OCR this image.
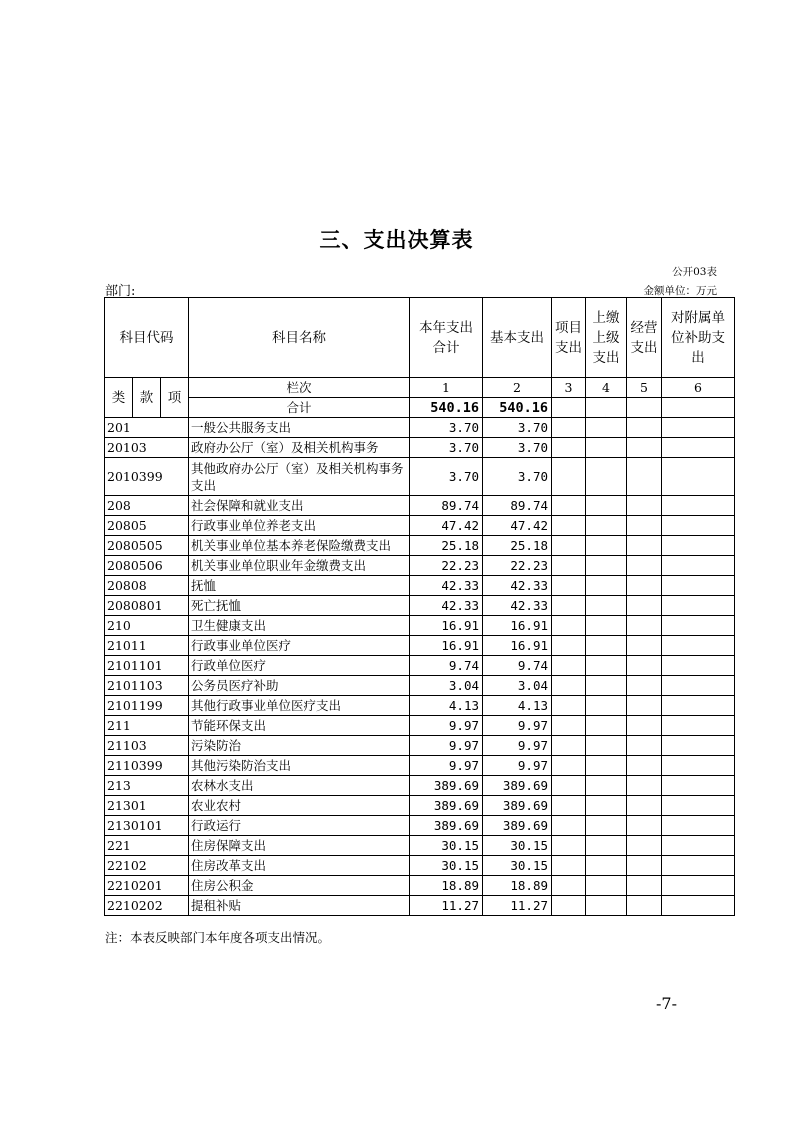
三、支出决算表
公开03表
部门:	金额单位：万元
科目代码			科目名称	本年支出合计	基本支出	项目支出	上缴上级支出	经营支出	对附属单位补助支出
类	款	项	栏次	1	2	3	4	5	6
			合计	540.16	540.16				
201			一般公共服务支出	3.70	3.70				
20103			政府办公厅（室）及相关机构事务	3.70	3.70				
2010399			其他政府办公厅（室）及相关机构事务支出	3.70	3.70				
208			社会保障和就业支出	89.74	89.74				
20805			行政事业单位养老支出	47.42	47.42				
2080505			机关事业单位基本养老保险缴费支出	25.18	25.18				
2080506			机关事业单位职业年金缴费支出	22.23	22.23				
20808			抚恤	42.33	42.33				
2080801			死亡抚恤	42.33	42.33				
210			卫生健康支出	16.91	16.91				
21011			行政事业单位医疗	16.91	16.91				
2101101			行政单位医疗	9.74	9.74				
2101103			公务员医疗补助	3.04	3.04				
2101199			其他行政事业单位医疗支出	4.13	4.13				
211			节能环保支出	9.97	9.97				
21103			污染防治	9.97	9.97				
2110399			其他污染防治支出	9.97	9.97				
213			农林水支出	389.69	389.69				
21301			农业农村	389.69	389.69				
2130101			行政运行	389.69	389.69				
221			住房保障支出	30.15	30.15				
22102			住房改革支出	30.15	30.15				
2210201			住房公积金	18.89	18.89				
2210202			提租补贴	11.27	11.27				
注：本表反映部门本年度各项支出情况。
-7-
